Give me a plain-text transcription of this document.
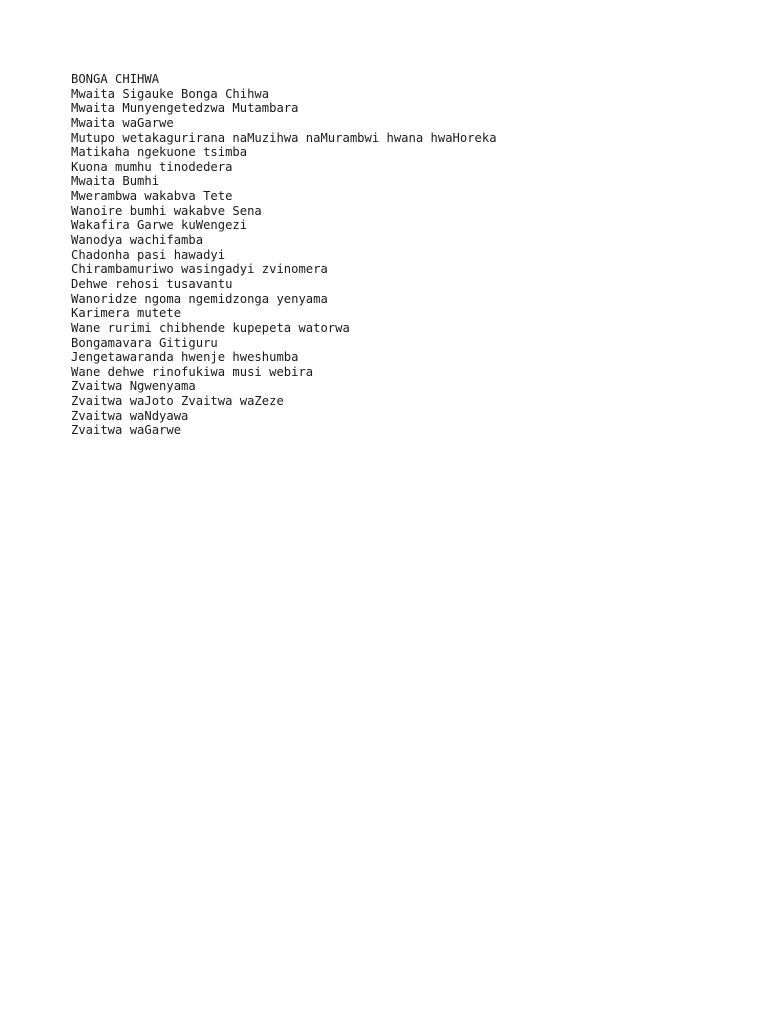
BONGA CHIHWA
Mwaita Sigauke Bonga Chihwa
Mwaita Munyengetedzwa Mutambara
Mwaita waGarwe
Mutupo wetakagurirana naMuzihwa naMurambwi hwana hwaHoreka
Matikaha ngekuone tsimba
Kuona mumhu tinodedera
Mwaita Bumhi
Mwerambwa wakabva Tete
Wanoire bumhi wakabve Sena
Wakafira Garwe kuWengezi
Wanodya wachifamba
Chadonha pasi hawadyi
Chirambamuriwo wasingadyi zvinomera
Dehwe rehosi tusavantu
Wanoridze ngoma ngemidzonga yenyama
Karimera mutete
Wane rurimi chibhende kupepeta watorwa
Bongamavara Gitiguru
Jengetawaranda hwenje hweshumba
Wane dehwe rinofukiwa musi webira
Zvaitwa Ngwenyama
Zvaitwa waJoto Zvaitwa waZeze
Zvaitwa waNdyawa
Zvaitwa waGarwe
